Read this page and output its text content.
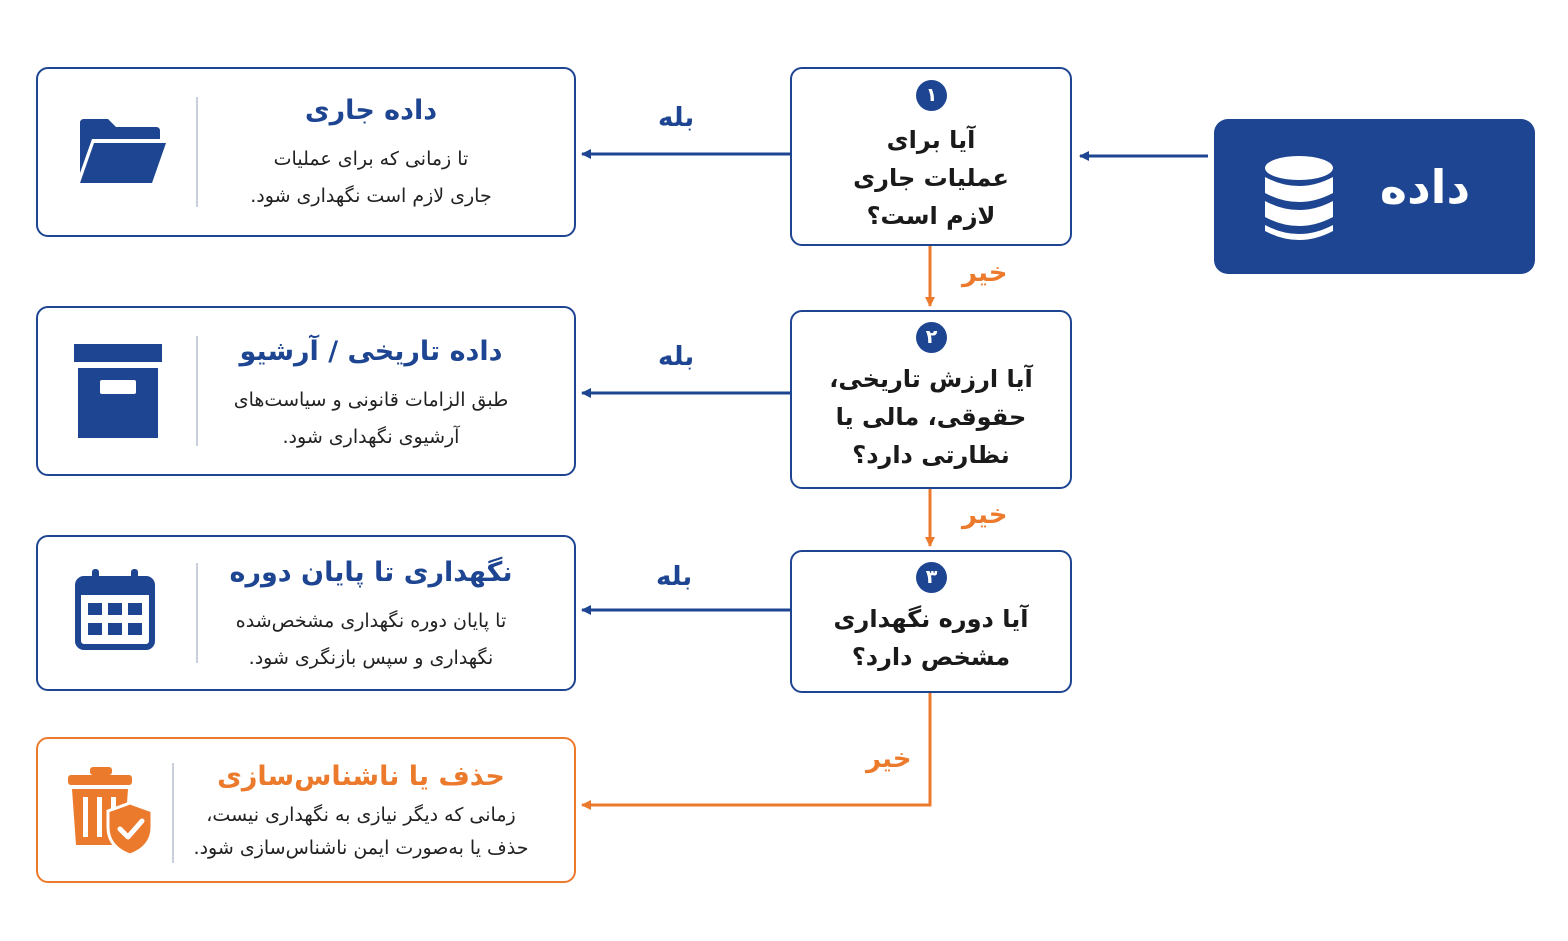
داده
۱
آیا برای
عملیات جاری
لازم است؟
۲
آیا ارزش تاریخی،
حقوقی، مالی یا
نظارتی دارد؟
۳
آیا دوره نگهداری
مشخص دارد؟
داده جاری
تا زمانی که برای عملیات
جاری لازم است نگهداری شود.
داده تاریخی / آرشیو
طبق الزامات قانونی و سیاست‌های
آرشیوی نگهداری شود.
نگهداری تا پایان دوره
تا پایان دوره نگهداری مشخص‌شده
نگهداری و سپس بازنگری شود.
حذف یا ناشناس‌سازی
زمانی که دیگر نیازی به نگهداری نیست،
حذف یا به‌صورت ایمن ناشناس‌سازی شود.
بله
بله
بله
خیر
خیر
خیر
